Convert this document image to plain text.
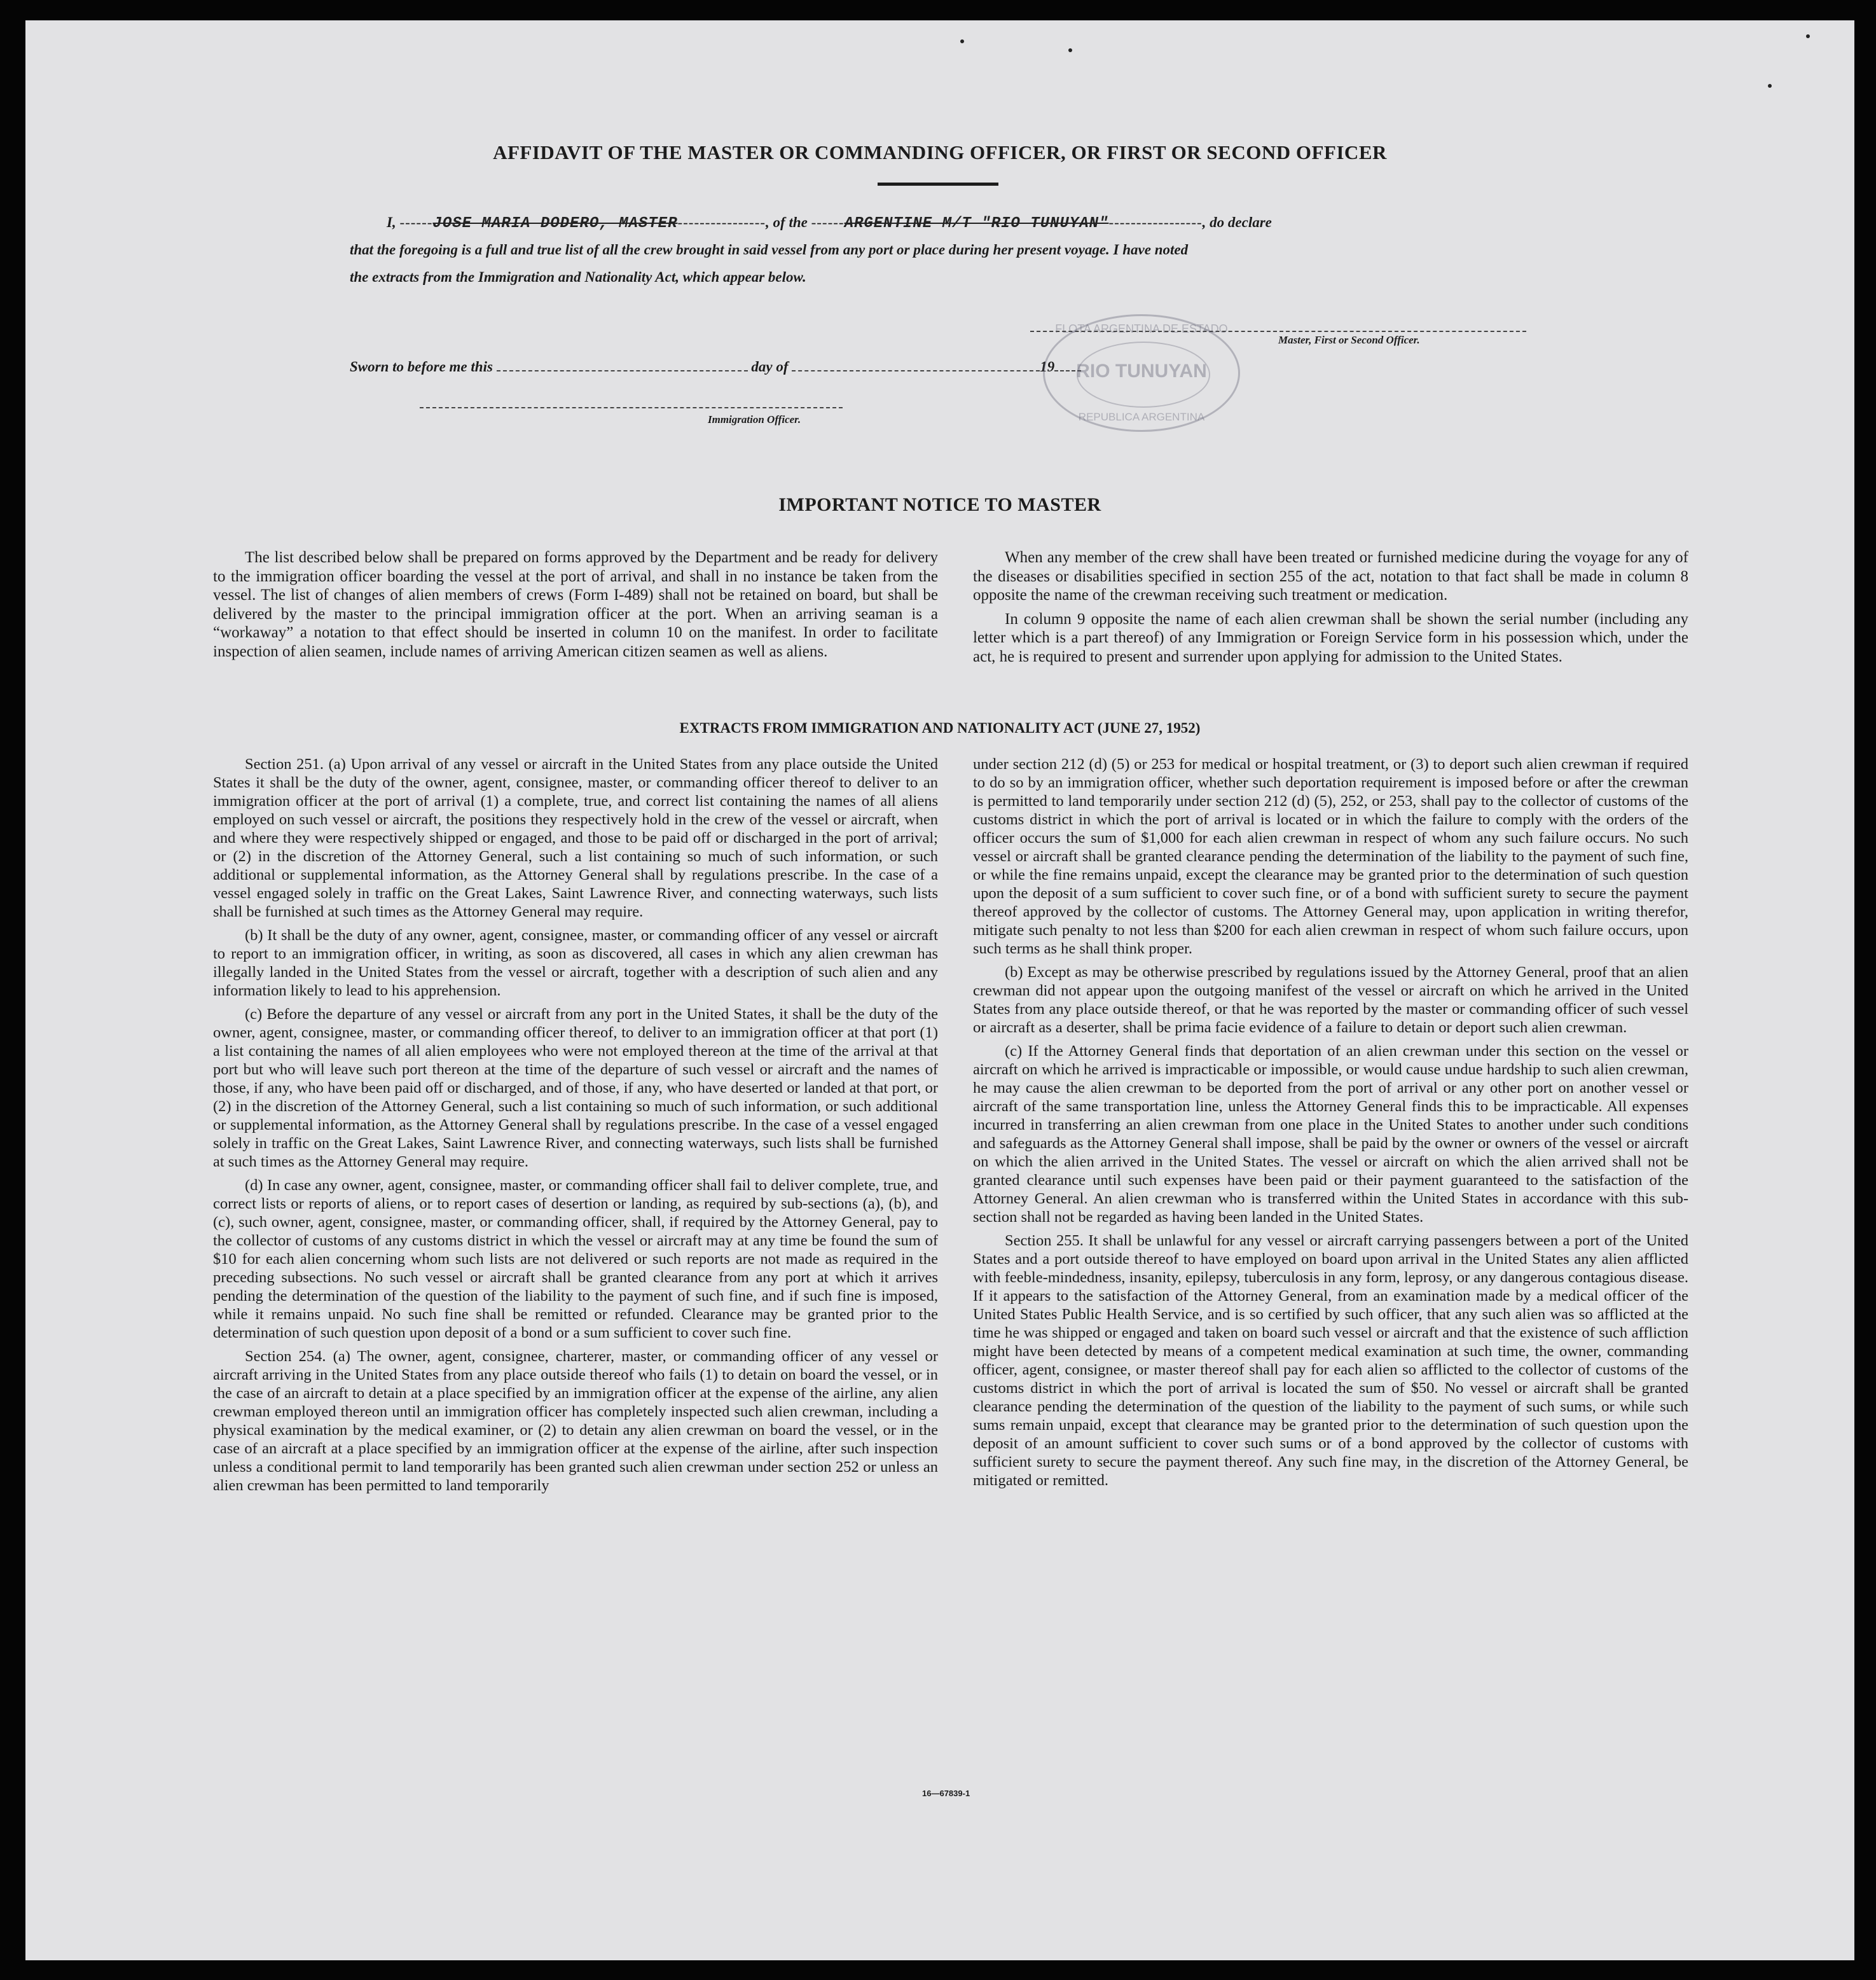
AFFIDAVIT OF THE MASTER OR COMMANDING OFFICER, OR FIRST OR SECOND OFFICER
I, ------JOSE MARIA DODERO, MASTER----------------, of the ------ARGENTINE M/T "RIO TUNUYAN"-----------------, do declare
that the foregoing is a full and true list of all the crew brought in said vessel from any port or place during her present voyage. I have noted
the extracts from the Immigration and Nationality Act, which appear below.
Master, First or Second Officer.
Sworn to before me this	day of	19
Immigration Officer.
FLOTA ARGENTINA DE ESTADO
RIO TUNUYAN
REPUBLICA ARGENTINA
IMPORTANT NOTICE TO MASTER

The list described below shall be prepared on forms approved by the Department and be ready for delivery to the immigration officer boarding the vessel at the port of arrival, and shall in no instance be taken from the vessel. The list of changes of alien members of crews (Form I-489) shall not be retained on board, but shall be delivered by the master to the principal immigration officer at the port. When an arriving seaman is a “workaway” a notation to that effect should be inserted in column 10 on the manifest. In order to facilitate inspection of alien seamen, include names of arriving American citizen seamen as well as aliens.

When any member of the crew shall have been treated or furnished medicine during the voyage for any of the diseases or disabilities specified in section 255 of the act, notation to that fact shall be made in column 8 opposite the name of the crewman receiving such treatment or medication.

In column 9 opposite the name of each alien crewman shall be shown the serial number (including any letter which is a part thereof) of any Immigration or Foreign Service form in his possession which, under the act, he is required to present and surrender upon applying for admission to the United States.

EXTRACTS FROM IMMIGRATION AND NATIONALITY ACT (JUNE 27, 1952)

Section 251. (a) Upon arrival of any vessel or aircraft in the United States from any place outside the United States it shall be the duty of the owner, agent, consignee, master, or commanding officer thereof to deliver to an immigration officer at the port of arrival (1) a complete, true, and correct list containing the names of all aliens employed on such vessel or aircraft, the positions they respectively hold in the crew of the vessel or aircraft, when and where they were respectively shipped or engaged, and those to be paid off or discharged in the port of arrival; or (2) in the discretion of the Attorney General, such a list containing so much of such information, or such additional or supplemental information, as the Attorney General shall by regulations prescribe. In the case of a vessel engaged solely in traffic on the Great Lakes, Saint Lawrence River, and connecting waterways, such lists shall be furnished at such times as the Attorney General may require.

(b) It shall be the duty of any owner, agent, consignee, master, or commanding officer of any vessel or aircraft to report to an immigration officer, in writing, as soon as discovered, all cases in which any alien crewman has illegally landed in the United States from the vessel or aircraft, together with a description of such alien and any information likely to lead to his apprehension.

(c) Before the departure of any vessel or aircraft from any port in the United States, it shall be the duty of the owner, agent, consignee, master, or commanding officer thereof, to deliver to an immigration officer at that port (1) a list containing the names of all alien employees who were not employed thereon at the time of the arrival at that port but who will leave such port thereon at the time of the departure of such vessel or aircraft and the names of those, if any, who have been paid off or discharged, and of those, if any, who have deserted or landed at that port, or (2) in the discretion of the Attorney General, such a list containing so much of such information, or such additional or supplemental information, as the Attorney General shall by regulations prescribe. In the case of a vessel engaged solely in traffic on the Great Lakes, Saint Lawrence River, and connecting waterways, such lists shall be furnished at such times as the Attorney General may require.

(d) In case any owner, agent, consignee, master, or commanding officer shall fail to deliver complete, true, and correct lists or reports of aliens, or to report cases of desertion or landing, as required by sub-sections (a), (b), and (c), such owner, agent, consignee, master, or commanding officer, shall, if required by the Attorney General, pay to the collector of customs of any customs district in which the vessel or aircraft may at any time be found the sum of $10 for each alien concerning whom such lists are not delivered or such reports are not made as required in the preceding subsections. No such vessel or aircraft shall be granted clearance from any port at which it arrives pending the determination of the question of the liability to the payment of such fine, and if such fine is imposed, while it remains unpaid. No such fine shall be remitted or refunded. Clearance may be granted prior to the determination of such question upon deposit of a bond or a sum sufficient to cover such fine.

Section 254. (a) The owner, agent, consignee, charterer, master, or commanding officer of any vessel or aircraft arriving in the United States from any place outside thereof who fails (1) to detain on board the vessel, or in the case of an aircraft to detain at a place specified by an immigration officer at the expense of the airline, any alien crewman employed thereon until an immigration officer has completely inspected such alien crewman, including a physical examination by the medical examiner, or (2) to detain any alien crewman on board the vessel, or in the case of an aircraft at a place specified by an immigration officer at the expense of the airline, after such inspection unless a conditional permit to land temporarily has been granted such alien crewman under section 252 or unless an alien crewman has been permitted to land temporarily

under section 212 (d) (5) or 253 for medical or hospital treatment, or (3) to deport such alien crewman if required to do so by an immigration officer, whether such deportation requirement is imposed before or after the crewman is permitted to land temporarily under section 212 (d) (5), 252, or 253, shall pay to the collector of customs of the customs district in which the port of arrival is located or in which the failure to comply with the orders of the officer occurs the sum of $1,000 for each alien crewman in respect of whom any such failure occurs. No such vessel or aircraft shall be granted clearance pending the determination of the liability to the payment of such fine, or while the fine remains unpaid, except the clearance may be granted prior to the determination of such question upon the deposit of a sum sufficient to cover such fine, or of a bond with sufficient surety to secure the payment thereof approved by the collector of customs. The Attorney General may, upon application in writing therefor, mitigate such penalty to not less than $200 for each alien crewman in respect of whom such failure occurs, upon such terms as he shall think proper.

(b) Except as may be otherwise prescribed by regulations issued by the Attorney General, proof that an alien crewman did not appear upon the outgoing manifest of the vessel or aircraft on which he arrived in the United States from any place outside thereof, or that he was reported by the master or commanding officer of such vessel or aircraft as a deserter, shall be prima facie evidence of a failure to detain or deport such alien crewman.

(c) If the Attorney General finds that deportation of an alien crewman under this section on the vessel or aircraft on which he arrived is impracticable or impossible, or would cause undue hardship to such alien crewman, he may cause the alien crewman to be deported from the port of arrival or any other port on another vessel or aircraft of the same transportation line, unless the Attorney General finds this to be impracticable. All expenses incurred in transferring an alien crewman from one place in the United States to another under such conditions and safeguards as the Attorney General shall impose, shall be paid by the owner or owners of the vessel or aircraft on which the alien arrived in the United States. The vessel or aircraft on which the alien arrived shall not be granted clearance until such expenses have been paid or their payment guaranteed to the satisfaction of the Attorney General. An alien crewman who is transferred within the United States in accordance with this sub-section shall not be regarded as having been landed in the United States.

Section 255. It shall be unlawful for any vessel or aircraft carrying passengers between a port of the United States and a port outside thereof to have employed on board upon arrival in the United States any alien afflicted with feeble-mindedness, insanity, epilepsy, tuberculosis in any form, leprosy, or any dangerous contagious disease. If it appears to the satisfaction of the Attorney General, from an examination made by a medical officer of the United States Public Health Service, and is so certified by such officer, that any such alien was so afflicted at the time he was shipped or engaged and taken on board such vessel or aircraft and that the existence of such affliction might have been detected by means of a competent medical examination at such time, the owner, commanding officer, agent, consignee, or master thereof shall pay for each alien so afflicted to the collector of customs of the customs district in which the port of arrival is located the sum of $50. No vessel or aircraft shall be granted clearance pending the determination of the question of the liability to the payment of such sums, or while such sums remain unpaid, except that clearance may be granted prior to the determination of such question upon the deposit of an amount sufficient to cover such sums or of a bond approved by the collector of customs with sufficient surety to secure the payment thereof. Any such fine may, in the discretion of the Attorney General, be mitigated or remitted.

16—67839-1
